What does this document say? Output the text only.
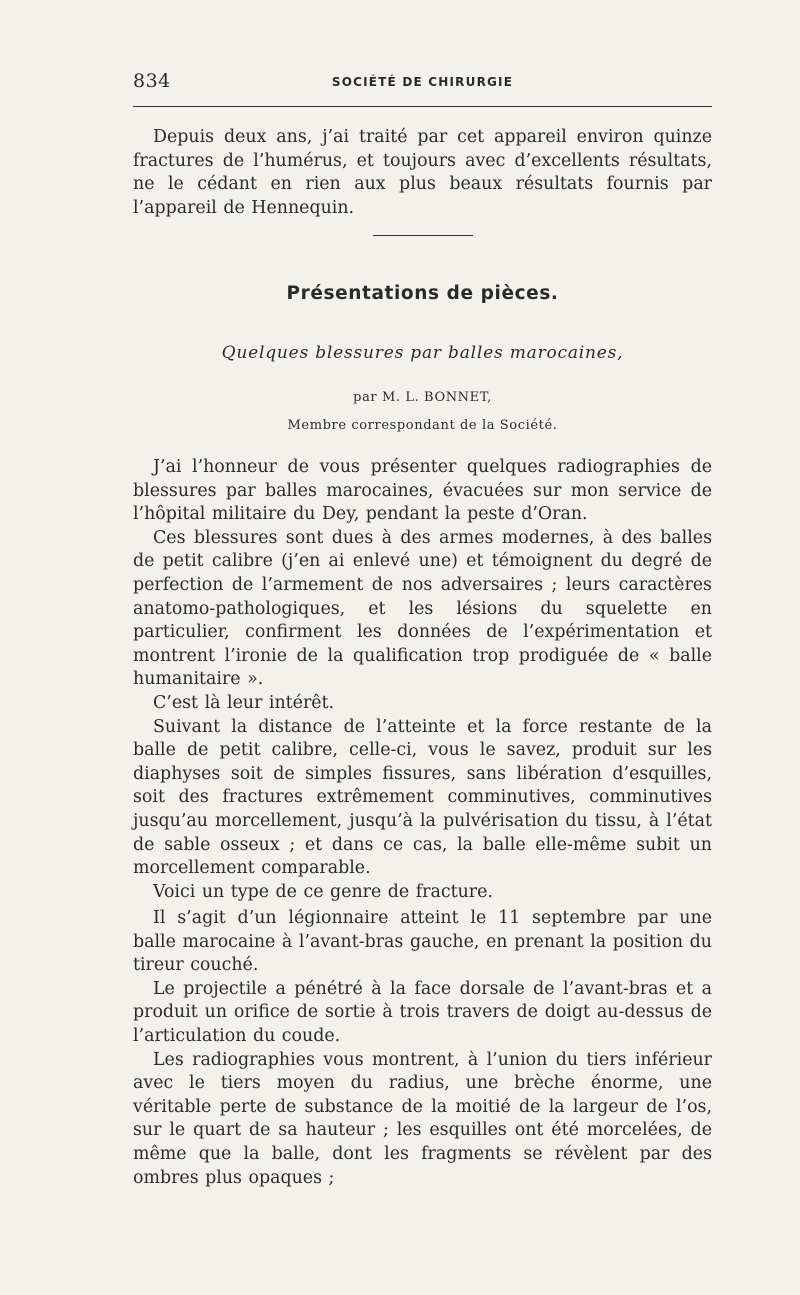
834	SOCIÉTÉ DE CHIRURGIE

Depuis deux ans, j’ai traité par cet appareil environ quinze fractures de l’humérus, et toujours avec d’excellents résultats, ne le cédant en rien aux plus beaux résultats fournis par l’appareil de Hennequin.

Présentations de pièces.
Quelques blessures par balles marocaines,
par M. L. BONNET,
Membre correspondant de la Société.

J’ai l’honneur de vous présenter quelques radiographies de blessures par balles marocaines, évacuées sur mon service de l’hôpital militaire du Dey, pendant la peste d’Oran.

Ces blessures sont dues à des armes modernes, à des balles de petit calibre (j’en ai enlevé une) et témoignent du degré de perfection de l’armement de nos adversaires ; leurs caractères anatomo-pathologiques, et les lésions du squelette en particulier, confirment les données de l’expérimentation et montrent l’ironie de la qualification trop prodiguée de « balle humanitaire ».

C’est là leur intérêt.

Suivant la distance de l’atteinte et la force restante de la balle de petit calibre, celle-ci, vous le savez, produit sur les diaphyses soit de simples fissures, sans libération d’esquilles, soit des fractures extrêmement comminutives, comminutives jusqu’au morcellement, jusqu’à la pulvérisation du tissu, à l’état de sable osseux ; et dans ce cas, la balle elle-même subit un morcellement comparable.

Voici un type de ce genre de fracture.

Il s’agit d’un légionnaire atteint le 11 septembre par une balle marocaine à l’avant-bras gauche, en prenant la position du tireur couché.

Le projectile a pénétré à la face dorsale de l’avant-bras et a produit un orifice de sortie à trois travers de doigt au-dessus de l’articulation du coude.

Les radiographies vous montrent, à l’union du tiers inférieur avec le tiers moyen du radius, une brèche énorme, une véritable perte de substance de la moitié de la largeur de l’os, sur le quart de sa hauteur ; les esquilles ont été morcelées, de même que la balle, dont les fragments se révèlent par des ombres plus opaques ;
